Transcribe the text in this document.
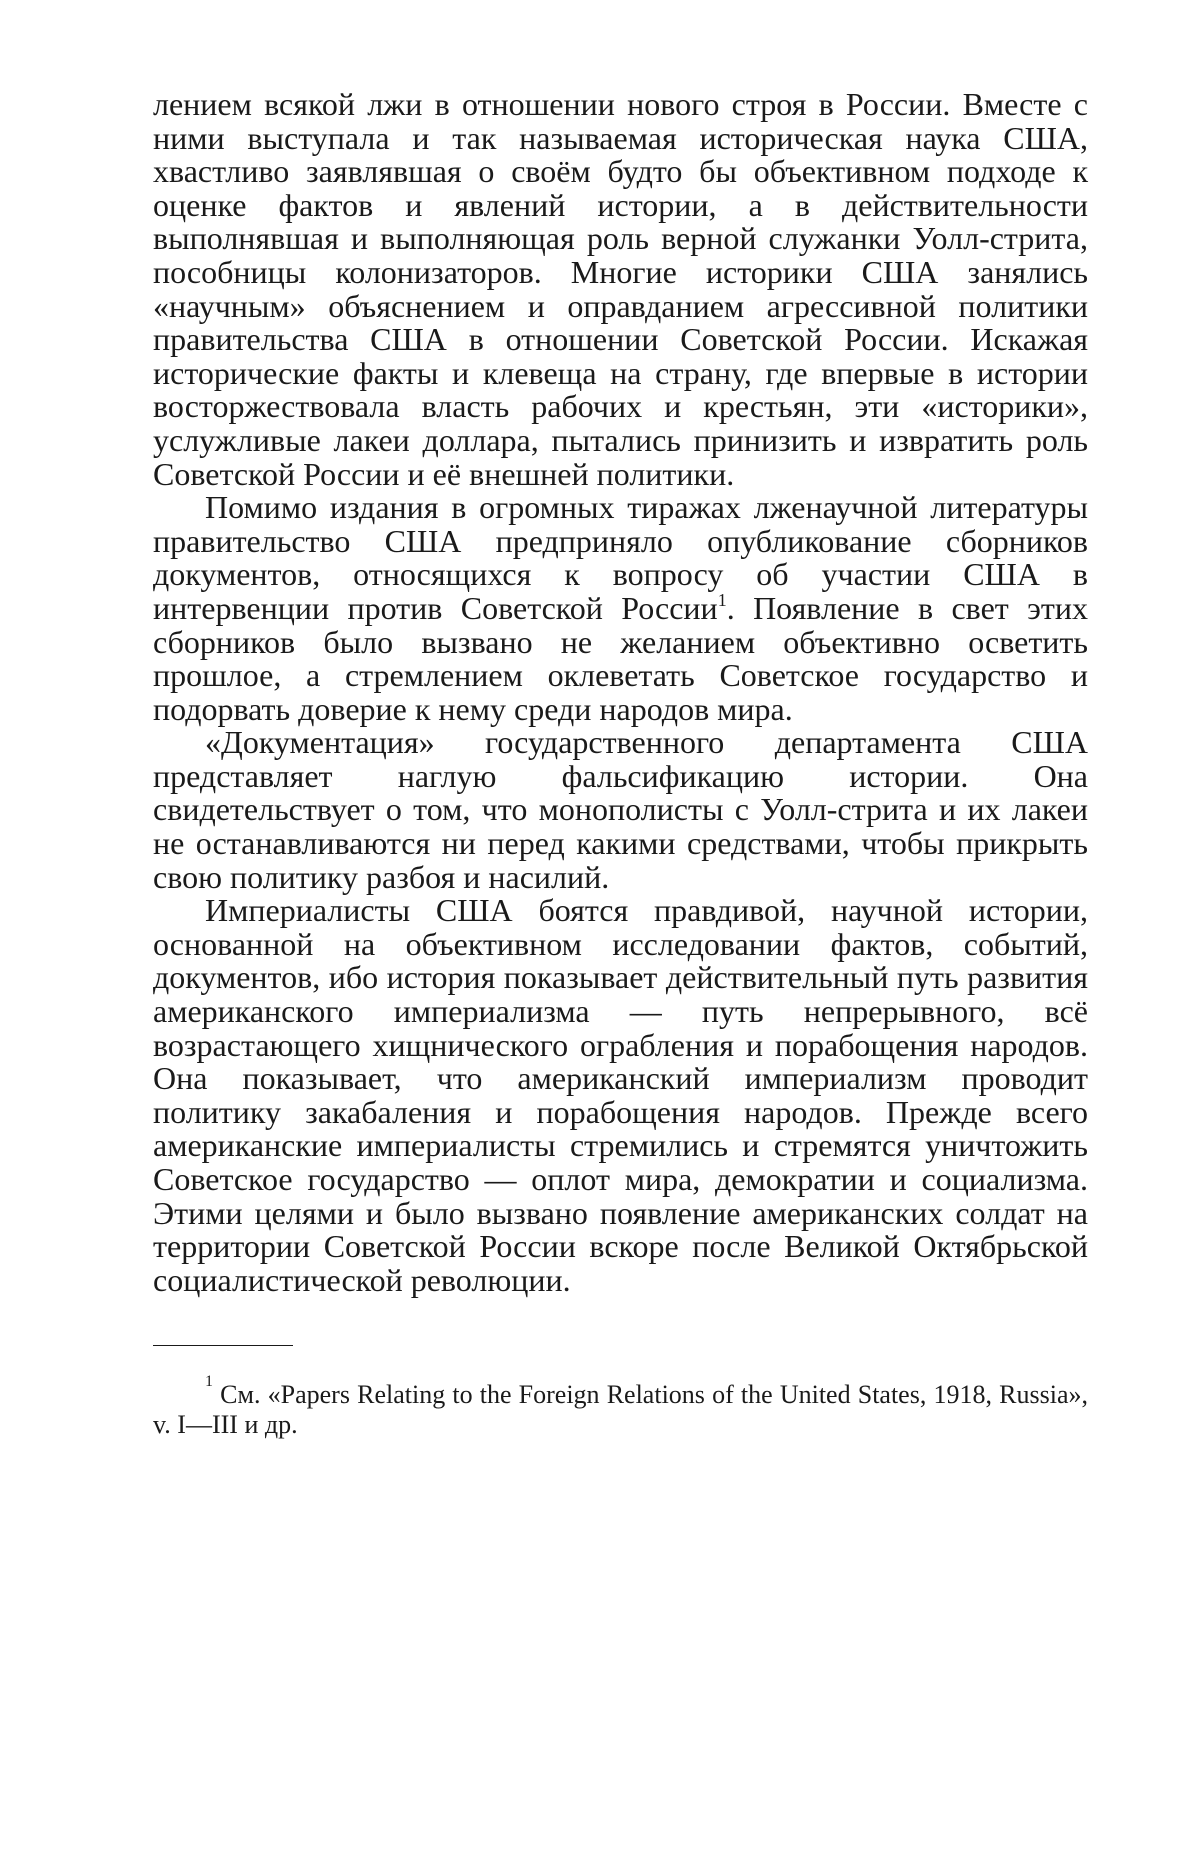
лением всякой лжи в отношении нового строя в России. Вместе с ними выступала и так называемая историческая наука США, хвастливо заявлявшая о своём будто бы объективном подходе к оценке фактов и явлений истории, а в действительности выполнявшая и выполняющая роль верной служанки Уолл-стрита, пособницы колонизаторов. Многие историки США занялись «научным» объяснением и оправданием агрессивной политики правительства США в отношении Советской России. Искажая исторические факты и клевеща на страну, где впервые в истории восторжествовала власть рабочих и крестьян, эти «историки», услужливые лакеи доллара, пытались принизить и извратить роль Советской России и её внешней политики.

Помимо издания в огромных тиражах лженаучной литературы правительство США предприняло опубликование сборников документов, относящихся к вопросу об участии США в интервенции против Советской России$^1$. Появление в свет этих сборников было вызвано не желанием объективно осветить прошлое, а стремлением оклеветать Советское государство и подорвать доверие к нему среди народов мира.

«Документация» государственного департамента США представляет наглую фальсификацию истории. Она свидетельствует о том, что монополисты с Уолл-стрита и их лакеи не останавливаются ни перед какими средствами, чтобы прикрыть свою политику разбоя и насилий.

Империалисты США боятся правдивой, научной истории, основанной на объективном исследовании фактов, событий, документов, ибо история показывает действительный путь развития американского империализма — путь непрерывного, всё возрастающего хищнического ограбления и порабощения народов. Она показывает, что американский империализм проводит политику закабаления и порабощения народов. Прежде всего американские империалисты стремились и стремятся уничтожить Советское государство — оплот мира, демократии и социализма. Этими целями и было вызвано появление американских солдат на территории Советской России вскоре после Великой Октябрьской социалистической революции.

$^1$ См. «Papers Relating to the Foreign Relations of the United States, 1918, Russia», v. I—III и др.
